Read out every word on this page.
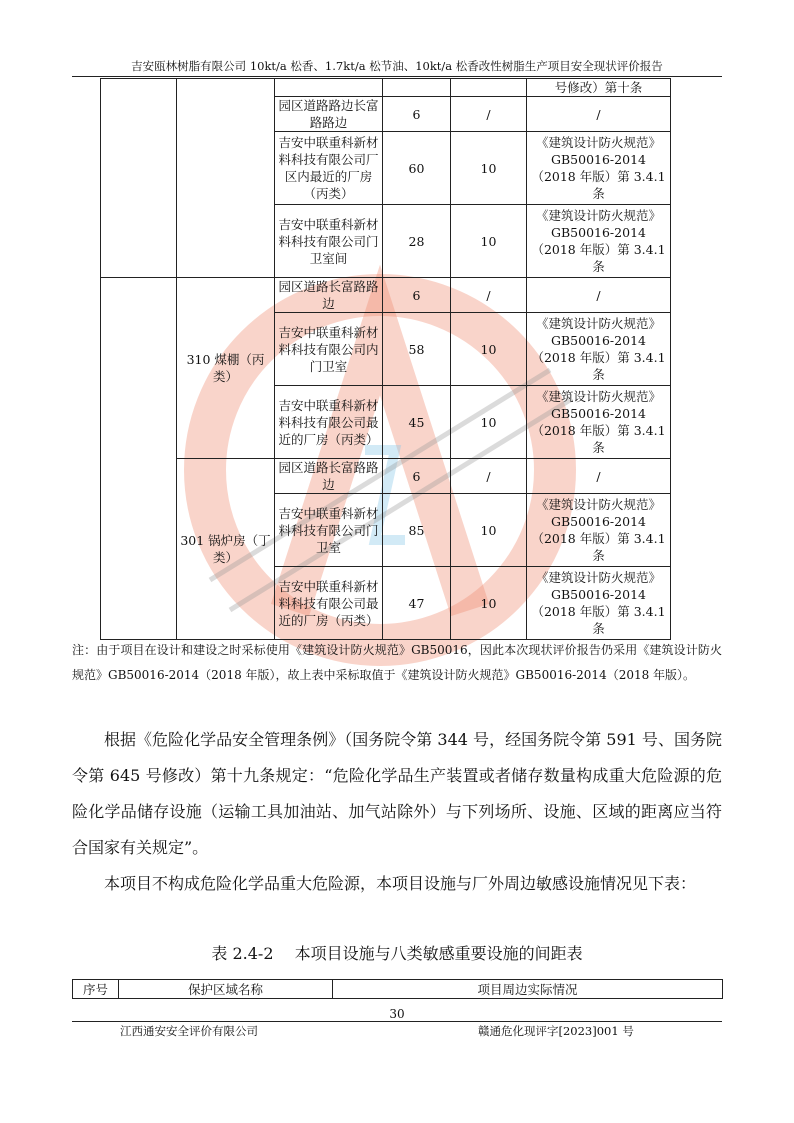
吉安瓯林树脂有限公司 10kt/a 松香、1.7kt/a 松节油、10kt/a 松香改性树脂生产项目安全现状评价报告
					号修改）第十条
		园区道路路边长富路路边	6	/	/
		吉安中联重科新材料科技有限公司厂区内最近的厂房（丙类）	60	10	《建筑设计防火规范》GB50016-2014（2018 年版）第 3.4.1 条
		吉安中联重科新材料科技有限公司门卫室间	28	10	《建筑设计防火规范》GB50016-2014（2018 年版）第 3.4.1 条
	310 煤棚（丙类）	园区道路长富路路边	6	/	/
		吉安中联重科新材料科技有限公司内门卫室	58	10	《建筑设计防火规范》GB50016-2014（2018 年版）第 3.4.1 条
		吉安中联重科新材料科技有限公司最近的厂房（丙类）	45	10	《建筑设计防火规范》GB50016-2014（2018 年版）第 3.4.1 条
	301 锅炉房（丁类）	园区道路长富路路边	6	/	/
		吉安中联重科新材料科技有限公司门卫室	85	10	《建筑设计防火规范》GB50016-2014（2018 年版）第 3.4.1 条
		吉安中联重科新材料科技有限公司最近的厂房（丙类）	47	10	《建筑设计防火规范》GB50016-2014（2018 年版）第 3.4.1 条
注：由于项目在设计和建设之时采标使用《建筑设计防火规范》GB50016，因此本次现状评价报告仍采用《建筑设计防火规范》GB50016-2014（2018 年版），故上表中采标取值于《建筑设计防火规范》GB50016-2014（2018 年版）。
根据《危险化学品安全管理条例》（国务院令第 344 号，经国务院令第 591 号、国务院令第 645 号修改）第十九条规定：“危险化学品生产装置或者储存数量构成重大危险源的危险化学品储存设施（运输工具加油站、加气站除外）与下列场所、设施、区域的距离应当符合国家有关规定”。
本项目不构成危险化学品重大危险源，本项目设施与厂外周边敏感设施情况见下表：
表 2.4-2　 本项目设施与八类敏感重要设施的间距表
序号	保护区域名称	项目周边实际情况
30
江西通安安全评价有限公司	赣通危化现评字[2023]001 号
